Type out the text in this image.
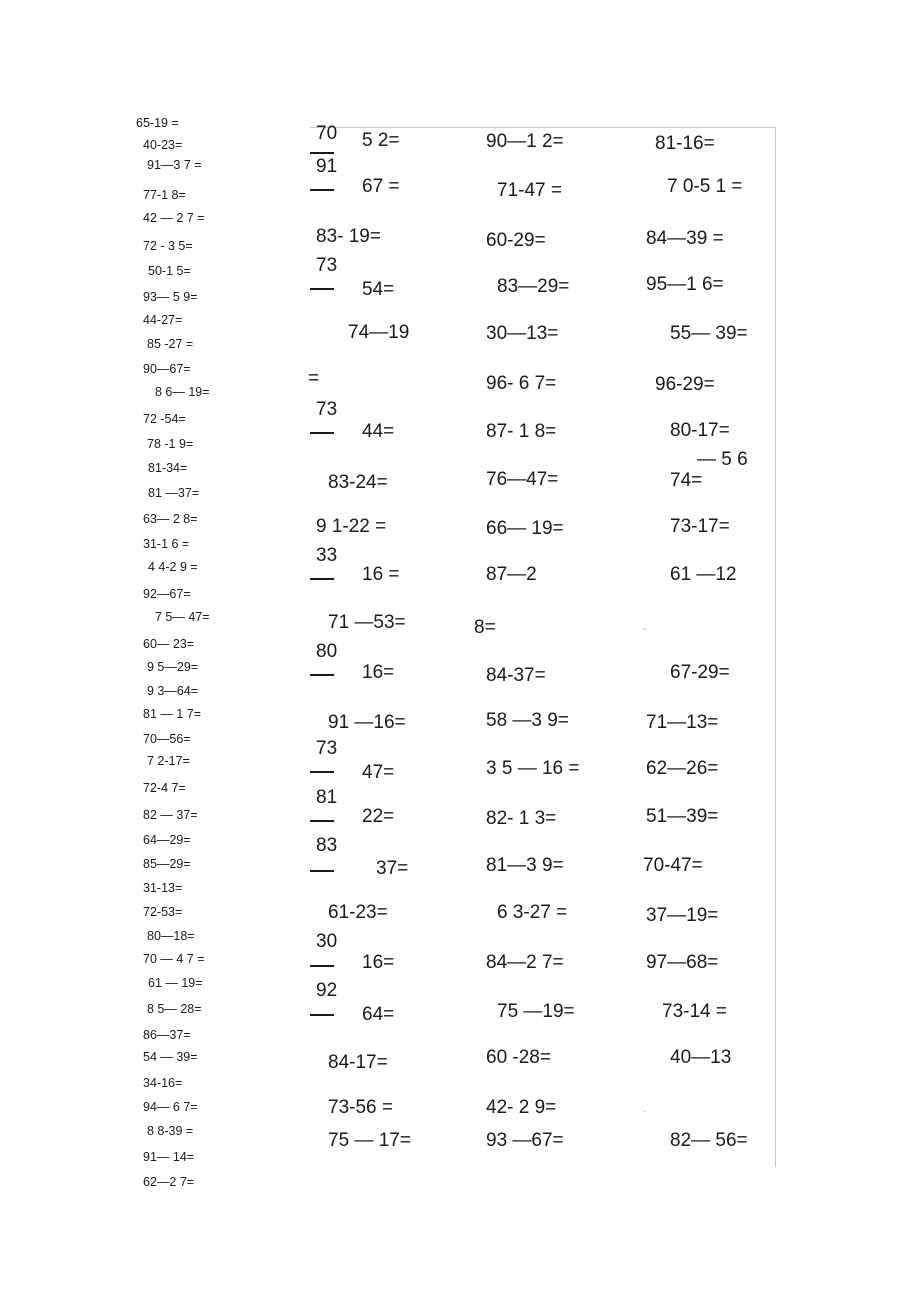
65-19 =
40-23=
91—3 7 =
77-1 8=
42 — 2 7 =
72 - 3 5=
50-1 5=
93— 5 9=
44-27=
85 -27 =
90—67=
8 6— 19=
72 -54=
78 -1 9=
81-34=
81 —37=
63— 2 8=
31-1 6 =
4 4-2 9 =
92—67=
7 5— 47=
60— 23=
9 5—29=
9 3—64=
81 — 1 7=
70—56=
7 2-17=
72-4 7=
82 — 37=
64—29=
85—29=
31-13=
72-53=
80—18=
70 — 4 7 =
61 — 19=
8 5— 28=
86—37=
54 — 39=
34-16=
94— 6 7=
8 8-39 =
91— 14=
62—2 7=
70 5 2=
91
67 =
83- 19=
73
54=
74—19
=
73
44=
83-24=
9 1-22 =
33
16 =
71 —53=
80
16=
91 —16=
73
47=
81
22=
83
37=
61-23=
30
16=
92
64=
84-17=
73-56 =
75 — 17=
90—1 2=
71-47 =
60-29=
83—29=
30—13=
96- 6 7=
87- 1 8=
76—47=
66— 19=
87—2
8=
84-37=
58 —3 9=
3 5 — 16 =
82- 1 3=
81—3 9=
6 3-27 =
84—2 7=
75 —19=
60 -28=
42- 2 9=
93 —67=
81-16=
7 0-5 1 =
84—39 =
95—1 6=
55— 39=
96-29=
80-17=
— 5 6
74=
73-17=
61 —12
-
67-29=
71—13=
62—26=
51—39=
70-47=
37—19=
97—68=
73-14 =
40—13
·
82— 56=
